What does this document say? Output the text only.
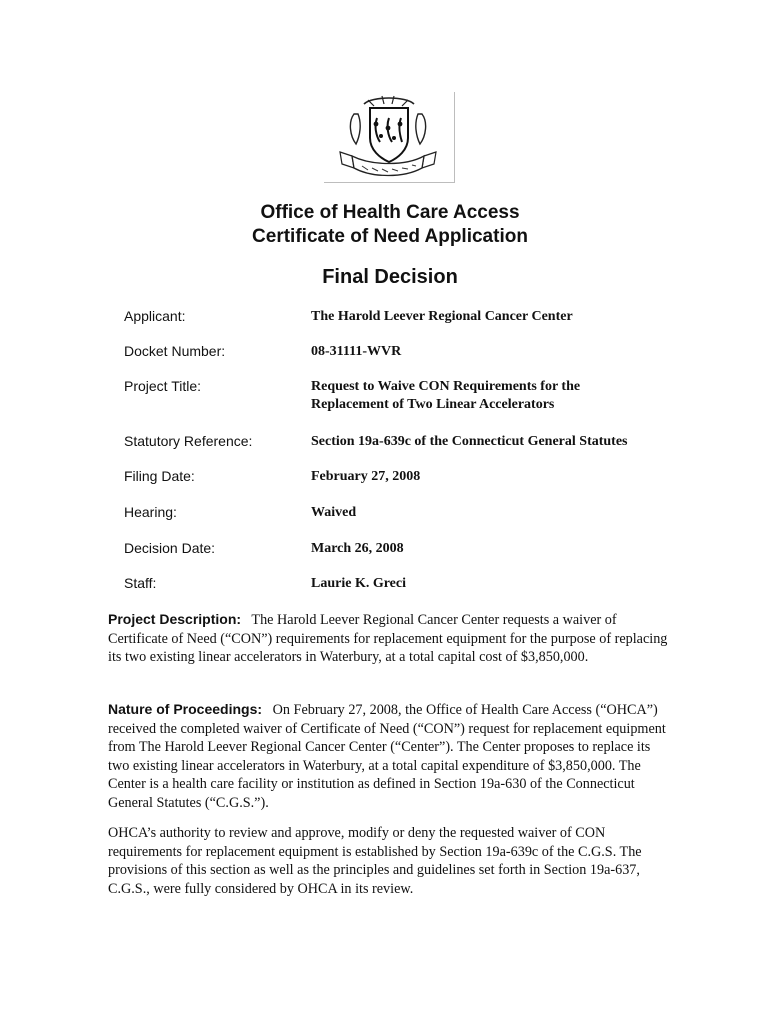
Office of Health Care Access
Certificate of Need Application
Final Decision
Applicant:	The Harold Leever Regional Cancer Center
Docket Number:	08-31111-WVR
Project Title:	Request to Waive CON Requirements for the Replacement of Two Linear Accelerators
Statutory Reference:	Section 19a-639c of the Connecticut General Statutes
Filing Date:	February 27, 2008
Hearing:	Waived
Decision Date:	March 26, 2008
Staff:	Laurie K. Greci

Project Description: The Harold Leever Regional Cancer Center requests a waiver of Certificate of Need (“CON”) requirements for replacement equipment for the purpose of replacing its two existing linear accelerators in Waterbury, at a total capital cost of $3,850,000.

Nature of Proceedings: On February 27, 2008, the Office of Health Care Access (“OHCA”) received the completed waiver of Certificate of Need (“CON”) request for replacement equipment from The Harold Leever Regional Cancer Center (“Center”). The Center proposes to replace its two existing linear accelerators in Waterbury, at a total capital expenditure of $3,850,000. The Center is a health care facility or institution as defined in Section 19a-630 of the Connecticut General Statutes (“C.G.S.”).

OHCA’s authority to review and approve, modify or deny the requested waiver of CON requirements for replacement equipment is established by Section 19a-639c of the C.G.S. The provisions of this section as well as the principles and guidelines set forth in Section 19a-637, C.G.S., were fully considered by OHCA in its review.
